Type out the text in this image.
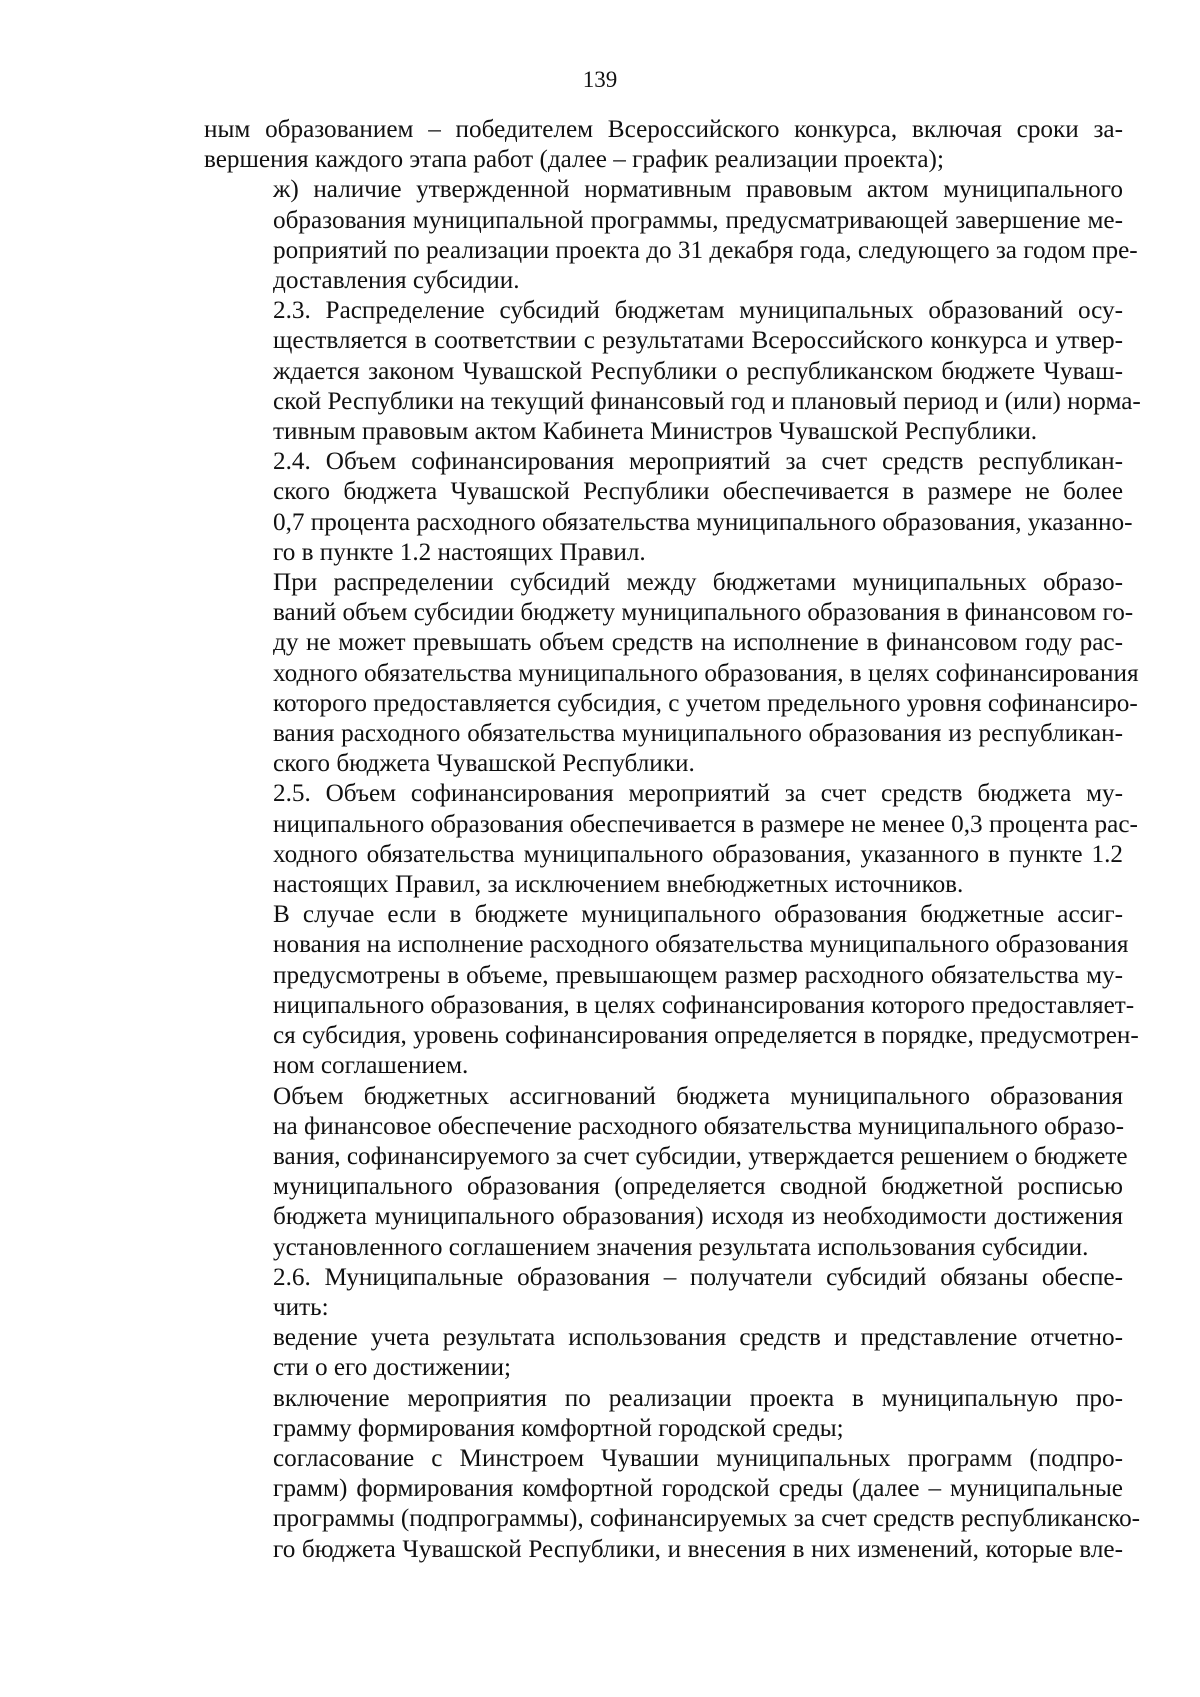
139

ным образованием – победителем Всероссийского конкурса, включая сроки за-
вершения каждого этапа работ (далее – график реализации проекта);

ж) наличие утвержденной нормативным правовым актом муниципального
образования муниципальной программы, предусматривающей завершение ме-
роприятий по реализации проекта до 31 декабря года, следующего за годом пре-
доставления субсидии.

2.3. Распределение субсидий бюджетам муниципальных образований осу-
ществляется в соответствии с результатами Всероссийского конкурса и утвер-
ждается законом Чувашской Республики о республиканском бюджете Чуваш-
ской Республики на текущий финансовый год и плановый период и (или) норма-
тивным правовым актом Кабинета Министров Чувашской Республики.

2.4. Объем софинансирования мероприятий за счет средств республикан-
ского бюджета Чувашской Республики обеспечивается в размере не более
0,7 процента расходного обязательства муниципального образования, указанно-
го в пункте 1.2 настоящих Правил.

При распределении субсидий между бюджетами муниципальных образо-
ваний объем субсидии бюджету муниципального образования в финансовом го-
ду не может превышать объем средств на исполнение в финансовом году рас-
ходного обязательства муниципального образования, в целях софинансирования
которого предоставляется субсидия, с учетом предельного уровня софинансиро-
вания расходного обязательства муниципального образования из республикан-
ского бюджета Чувашской Республики.

2.5. Объем софинансирования мероприятий за счет средств бюджета му-
ниципального образования обеспечивается в размере не менее 0,3 процента рас-
ходного обязательства муниципального образования, указанного в пункте 1.2
настоящих Правил, за исключением внебюджетных источников.

В случае если в бюджете муниципального образования бюджетные ассиг-
нования на исполнение расходного обязательства муниципального образования
предусмотрены в объеме, превышающем размер расходного обязательства му-
ниципального образования, в целях софинансирования которого предоставляет-
ся субсидия, уровень софинансирования определяется в порядке, предусмотрен-
ном соглашением.

Объем бюджетных ассигнований бюджета муниципального образования
на финансовое обеспечение расходного обязательства муниципального образо-
вания, софинансируемого за счет субсидии, утверждается решением о бюджете
муниципального образования (определяется сводной бюджетной росписью
бюджета муниципального образования) исходя из необходимости достижения
установленного соглашением значения результата использования субсидии.

2.6. Муниципальные образования – получатели субсидий обязаны обеспе-
чить:

ведение учета результата использования средств и представление отчетно-
сти о его достижении;

включение мероприятия по реализации проекта в муниципальную про-
грамму формирования комфортной городской среды;

согласование с Минстроем Чувашии муниципальных программ (подпро-
грамм) формирования комфортной городской среды (далее – муниципальные
программы (подпрограммы), софинансируемых за счет средств республиканско-
го бюджета Чувашской Республики, и внесения в них изменений, которые вле-
